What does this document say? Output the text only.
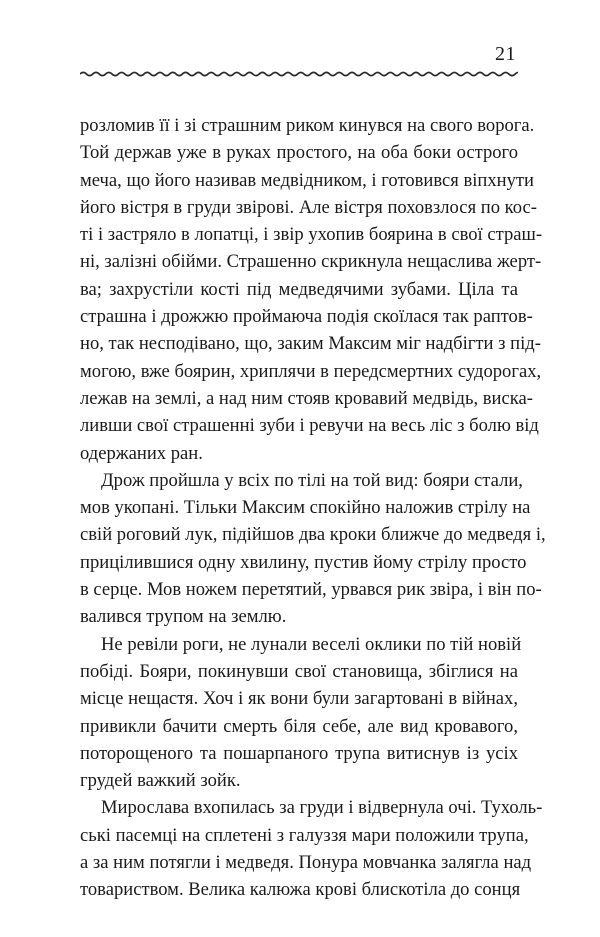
21

розломив її і зі страшним риком кинувся на свого ворога.
Той держав уже в руках простого, на оба боки острого
меча, що його називав медвідником, і готовився віпхнути
його вістря в груди звірові. Але вістря поховзлося по кос-
ті і застряло в лопатці, і звір ухопив боярина в свої страш-
ні, залізні обійми. Страшенно скрикнула нещаслива жерт-
ва; захрустіли кості під медведячими зубами. Ціла та
страшна і дрожжю проймаюча подія скоїлася так раптов-
но, так несподівано, що, заким Максим міг надбігти з під-
могою, вже боярин, хриплячи в передсмертних судорогах,
лежав на землі, а над ним стояв кровавий медвідь, виска-
ливши свої страшенні зуби і ревучи на весь ліс з болю від
одержаних ран.

Дрож пройшла у всіх по тілі на той вид: бояри стали,
мов укопані. Тільки Максим спокійно наложив стрілу на
свій роговий лук, підійшов два кроки ближче до медведя і,
прицілившися одну хвилину, пустив йому стрілу просто
в серце. Мов ножем перетятий, урвався рик звіра, і він по-
валився трупом на землю.

Не ревіли роги, не лунали веселі оклики по тій новій
побіді. Бояри, покинувши свої становища, збіглися на
місце нещастя. Хоч і як вони були загартовані в війнах,
привикли бачити смерть біля себе, але вид кровавого,
поторощеного та пошарпаного трупа витиснув із усіх
грудей важкий зойк.

Мирослава вхопилась за груди і відвернула очі. Тухоль-
ські пасемці на сплетені з галуззя мари положили трупа,
а за ним потягли і медведя. Понура мовчанка залягла над
товариством. Велика калюжа крові блискотіла до сонця
